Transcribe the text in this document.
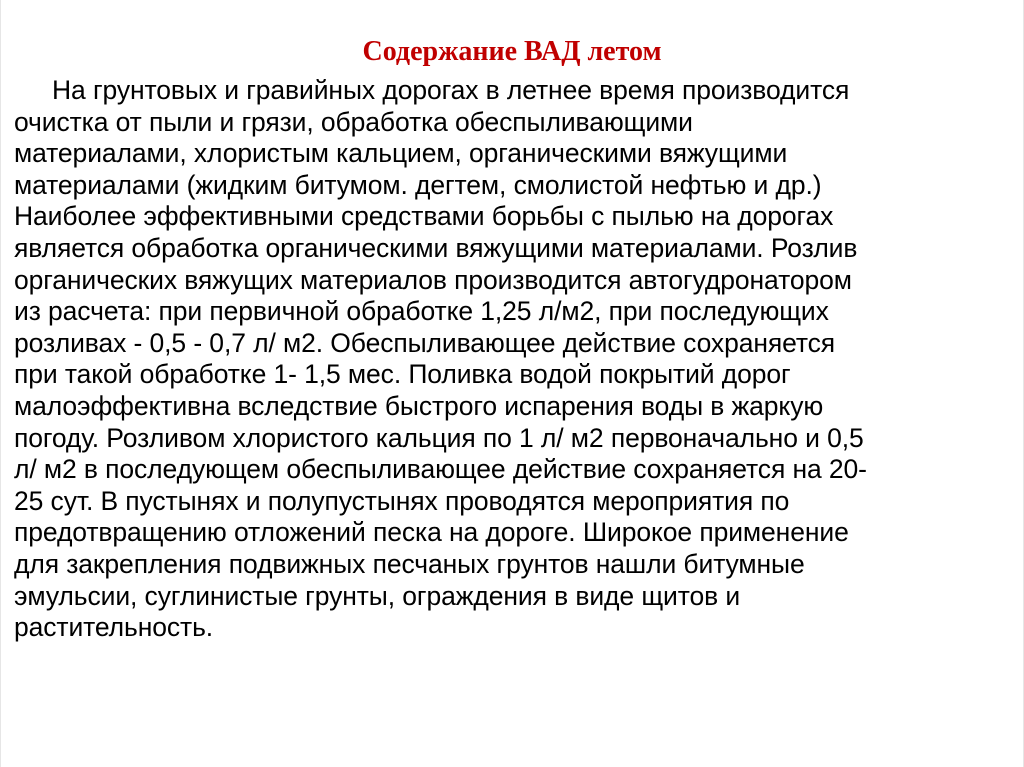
Содержание ВАД летом
На грунтовых и гравийных дорогах в летнее время производится
очистка от пыли и грязи, обработка обеспыливающими
материалами, хлористым кальцием, органическими вяжущими
материалами (жидким битумом. дегтем, смолистой нефтью и др.)
Наиболее эффективными средствами борьбы с пылью на дорогах
является обработка органическими вяжущими материалами. Розлив
органических вяжущих материалов производится автогудронатором
из расчета: при первичной обработке 1,25 л/м2, при последующих
розливах - 0,5 - 0,7 л/ м2. Обеспыливающее действие сохраняется
при такой обработке 1- 1,5 мес. Поливка водой покрытий дорог
малоэффективна вследствие быстрого испарения воды в жаркую
погоду. Розливом хлористого кальция по 1 л/ м2 первоначально и 0,5
л/ м2 в последующем обеспыливающее действие сохраняется на 20-
25 сут. В пустынях и полупустынях проводятся мероприятия по
предотвращению отложений песка на дороге. Широкое применение
для закрепления подвижных песчаных грунтов нашли битумные
эмульсии, суглинистые грунты, ограждения в виде щитов и
растительность.
